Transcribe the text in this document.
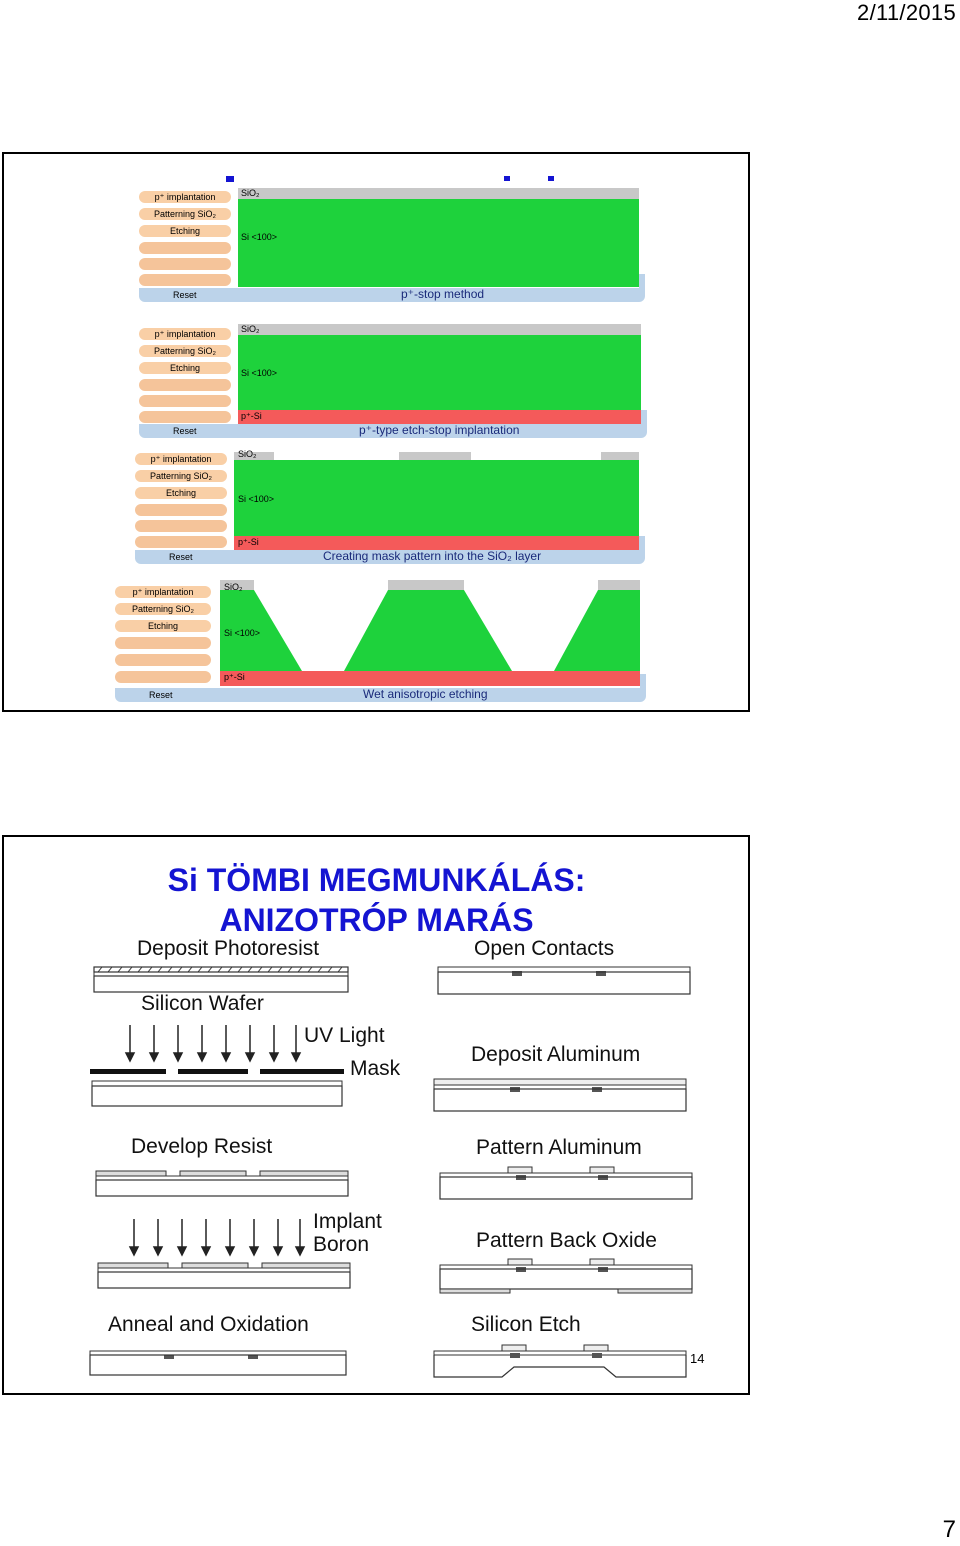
2/11/2015
p⁺ implantation
Patterning SiO₂
Etching
SiO₂
Si <100>
Reset	p⁺-stop method
p⁺ implantation
Patterning SiO₂
Etching
SiO₂
Si <100>
p⁺-Si
Reset	p⁺-type etch-stop implantation
p⁺ implantation
Patterning SiO₂
Etching
SiO₂
Si <100>
p⁺-Si
Reset	Creating mask pattern into the SiO₂ layer
p⁺ implantation
Patterning SiO₂
Etching
SiO₂
Si <100>
p⁺-Si
Reset	Wet anisotropic etching
Si TÖMBI MEGMUNKÁLÁS:
ANIZOTRÓP MARÁS
Deposit Photoresist
Silicon Wafer
UV Light
Mask
Develop Resist
Implant
Boron
Anneal and Oxidation
Open Contacts
Deposit Aluminum
Pattern Aluminum
Pattern Back Oxide
Silicon Etch
14
7
